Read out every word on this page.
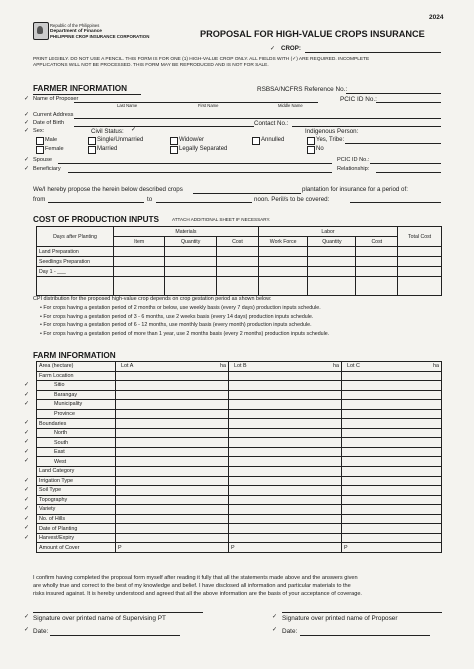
2024
Republic of the Philippines
Department of Finance
PHILIPPINE CROP INSURANCE CORPORATION	PROPOSAL FOR HIGH-VALUE CROPS INSURANCE
✓ CROP:
PRINT LEGIBLY. DO NOT USE A PENCIL. THIS FORM IS FOR ONE (1) HIGH-VALUE CROP ONLY. ALL FIELDS WITH (✓) ARE REQUIRED. INCOMPLETE
APPLICATIONS WILL NOT BE PROCESSED. THIS FORM MAY BE REPRODUCED AND IS NOT FOR SALE.
FARMER INFORMATION	RSBSA/NCFRS Reference No.:
✓ Name of Proposer	PCIC ID No.:
Last Name	First Name	Middle Name
✓ Current Address
✓ Date of Birth	Contact No.:
✓ Sex:
Male
Female
Civil Status: ✓
Single/Unmarried
Married
Widow/er
Legally Separated
Annulled
Indigenous Person:
Yes, Tribe:
No
✓ Spouse	PCIC ID No.:
✓ Beneficiary	Relationship:
We/I hereby propose the herein below described crops	plantation for insurance for a period of:
from	to	noon. Peril/s to be covered:
COST OF PRODUCTION INPUTS	ATTACH ADDITIONAL SHEET IF NECESSARY.
Days after Planting	Materials			Labor			Total Cost
	Item	Quantity	Cost	Work Force	Quantity	Cost	
Land Preparation							
Seedlings Preparation							
Day 1 - ___							

CPI distribution for the proposed high-value crop depends on crop gestation period as shown below:
• For crops having a gestation period of 2 months or below, use weekly basis (every 7 days) production inputs schedule.
• For crops having a gestation period of 3 - 6 months, use 2 weeks basis (every 14 days) production inputs schedule.
• For crops having a gestation period of 6 - 12 months, use monthly basis (every month) production inputs schedule.
• For crops having a gestation period of more than 1 year, use 2 months basis (every 2 months) production inputs schedule.
FARM INFORMATION
✓
✓
✓
✓
✓
✓
✓
✓
✓
✓
✓
✓
✓
✓
✓
Area (hectare)	Lot A ha	Lot B ha	Lot C ha

Farm Location			
Sitio			
Barangay			
Municipality			
Province			
Boundaries			
North			
South			
East			
West			
Land Category			
Irrigation Type			
Soil Type			
Topography			
Variety			
No. of Hills			
Date of Planting			
Harvest/Expiry			
Amount of Cover	P	P	P
I confirm having completed the proposal form myself after reading it fully that all the statements made above and the answers given
are wholly true and correct to the best of my knowledge and belief. I have disclosed all information and particular materials to the
risks insured against. It is hereby understood and agreed that all the above information are the basis of your acceptance of coverage.
✓ Signature over printed name of Supervising PT
✓ Date:
✓ Signature over printed name of Proposer
✓ Date:
